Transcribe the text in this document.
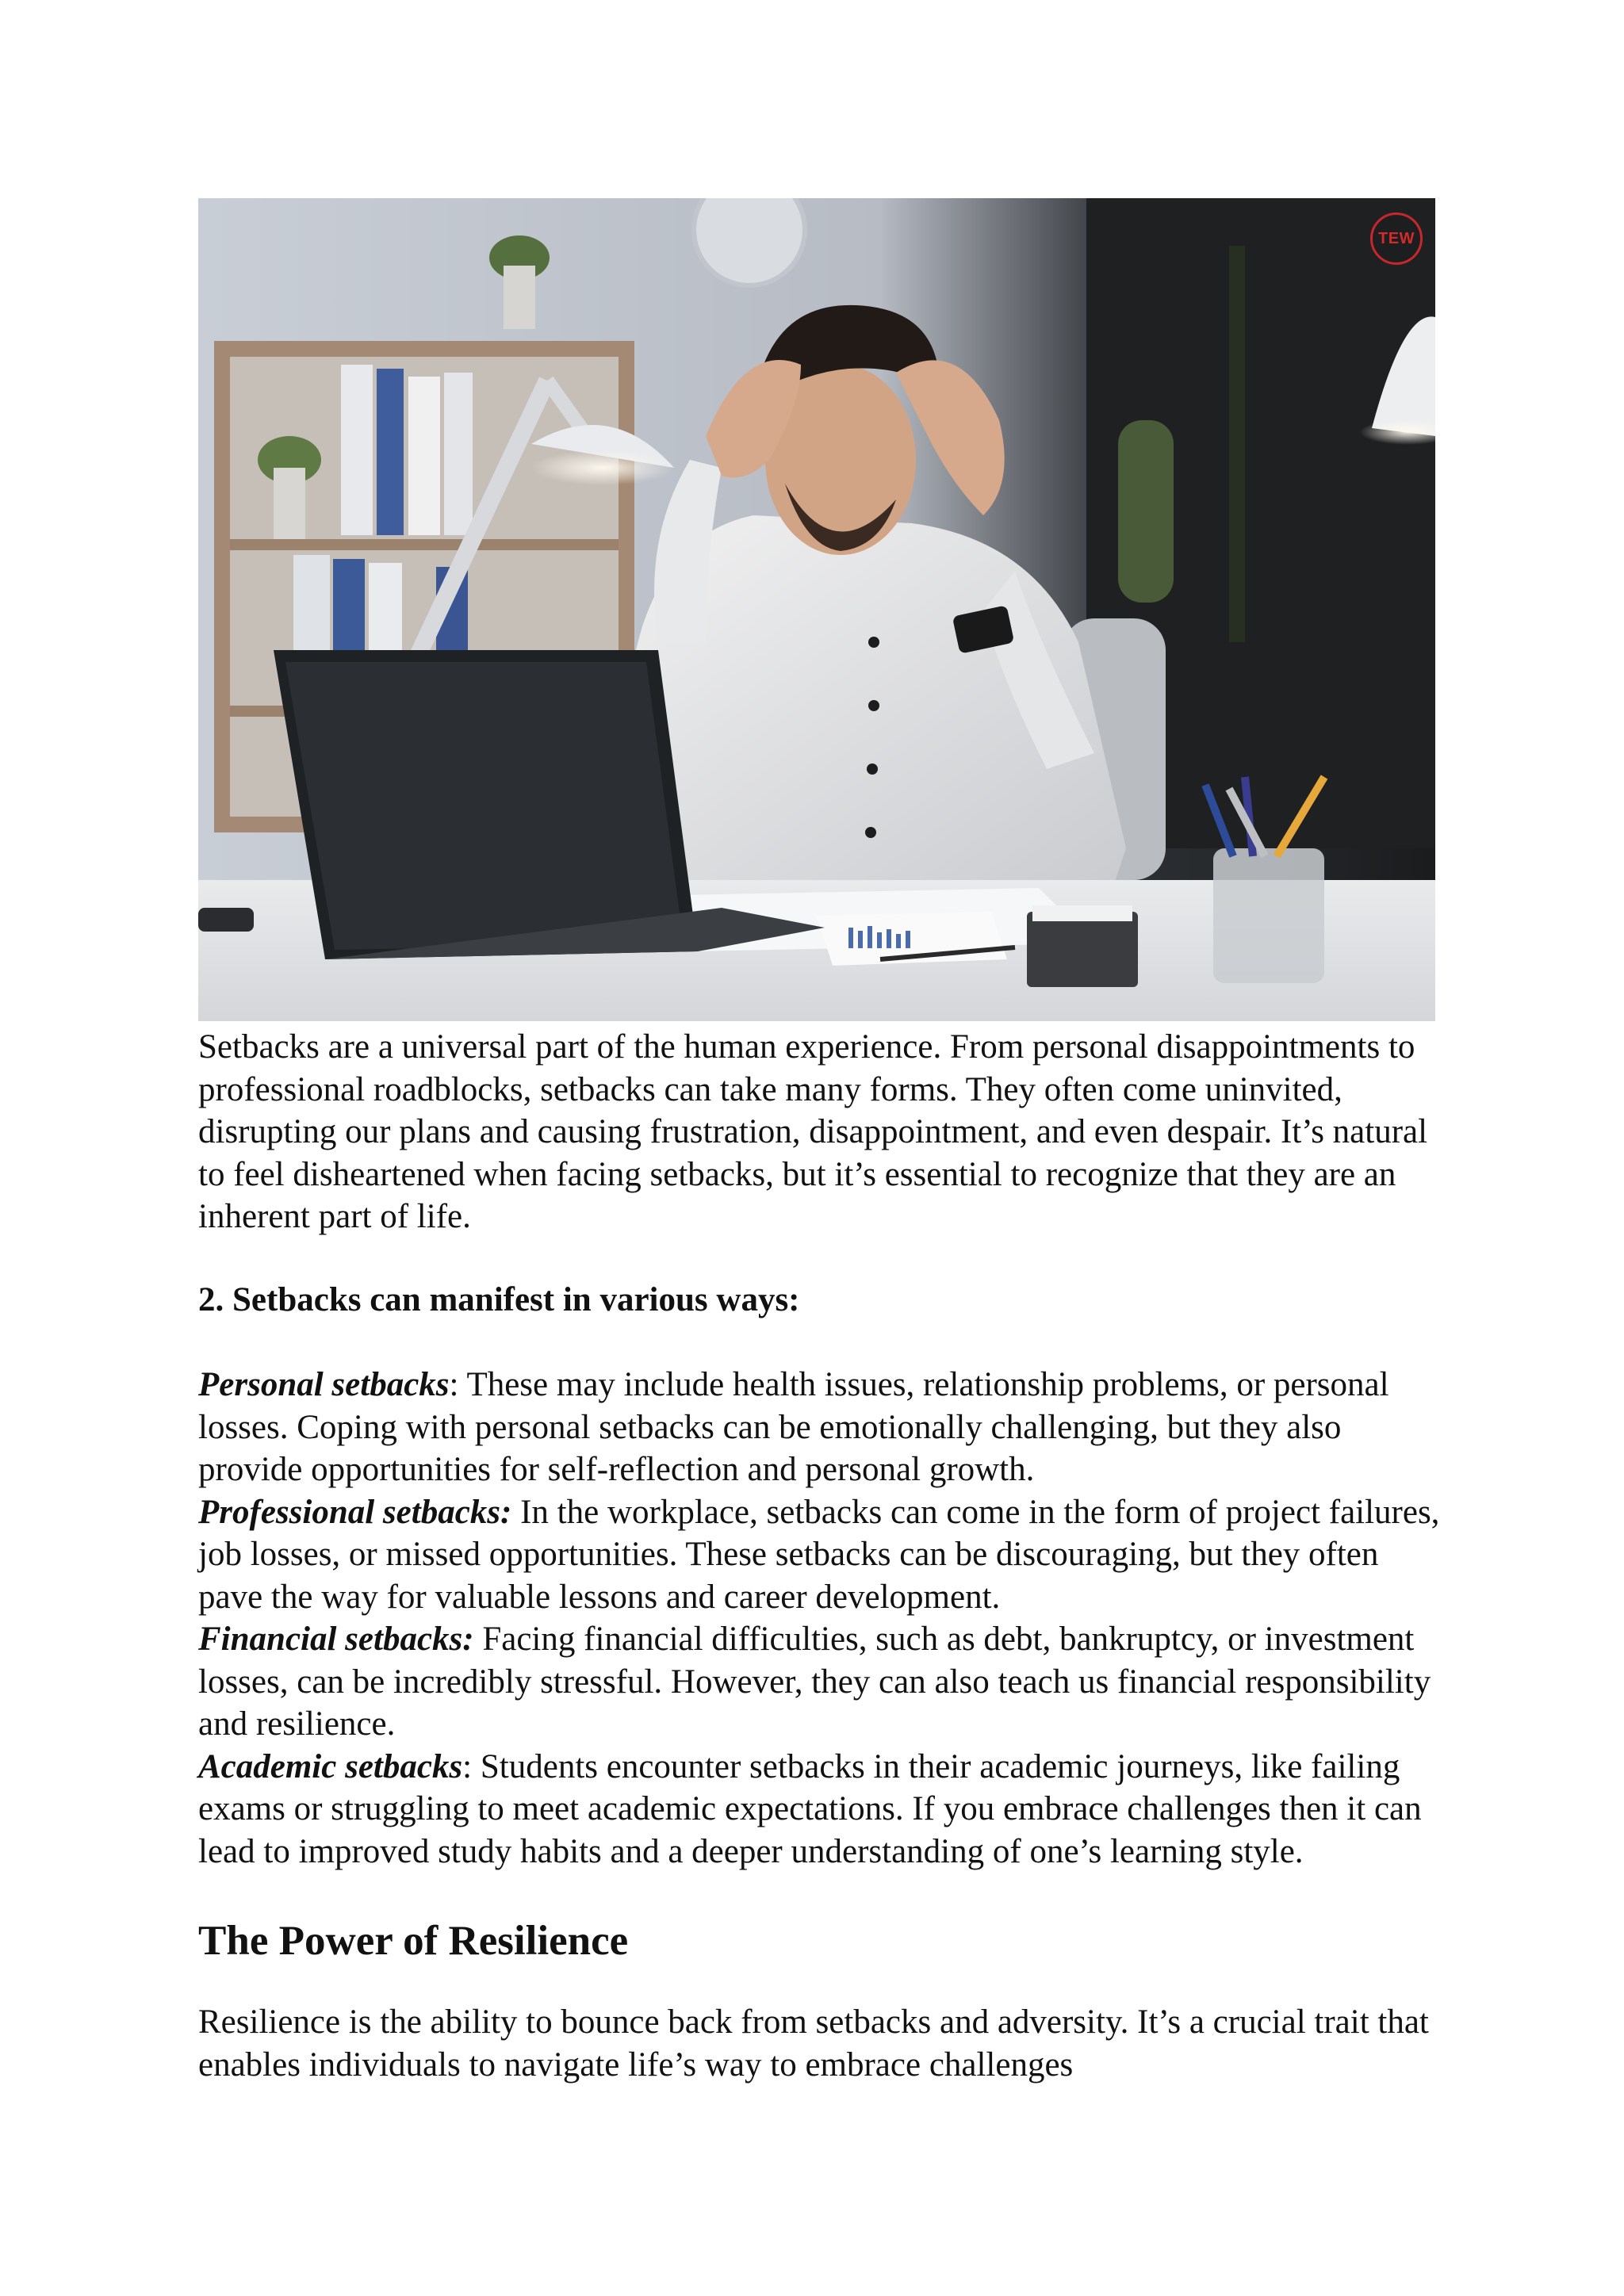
TEW

Setbacks are a universal part of the human experience. From personal disappointments to professional roadblocks, setbacks can take many forms. They often come uninvited, disrupting our plans and causing frustration, disappointment, and even despair. It’s natural to feel disheartened when facing setbacks, but it’s essential to recognize that they are an inherent part of life.

2. Setbacks can manifest in various ways:

Personal setbacks: These may include health issues, relationship problems, or personal losses. Coping with personal setbacks can be emotionally challenging, but they also provide opportunities for self-reflection and personal growth.

Professional setbacks: In the workplace, setbacks can come in the form of project failures, job losses, or missed opportunities. These setbacks can be discouraging, but they often pave the way for valuable lessons and career development.

Financial setbacks: Facing financial difficulties, such as debt, bankruptcy, or investment losses, can be incredibly stressful. However, they can also teach us financial responsibility and resilience.

Academic setbacks: Students encounter setbacks in their academic journeys, like failing exams or struggling to meet academic expectations. If you embrace challenges then it can lead to improved study habits and a deeper understanding of one’s learning style.

The Power of Resilience

Resilience is the ability to bounce back from setbacks and adversity. It’s a crucial trait that enables individuals to navigate life’s way to embrace challenges
